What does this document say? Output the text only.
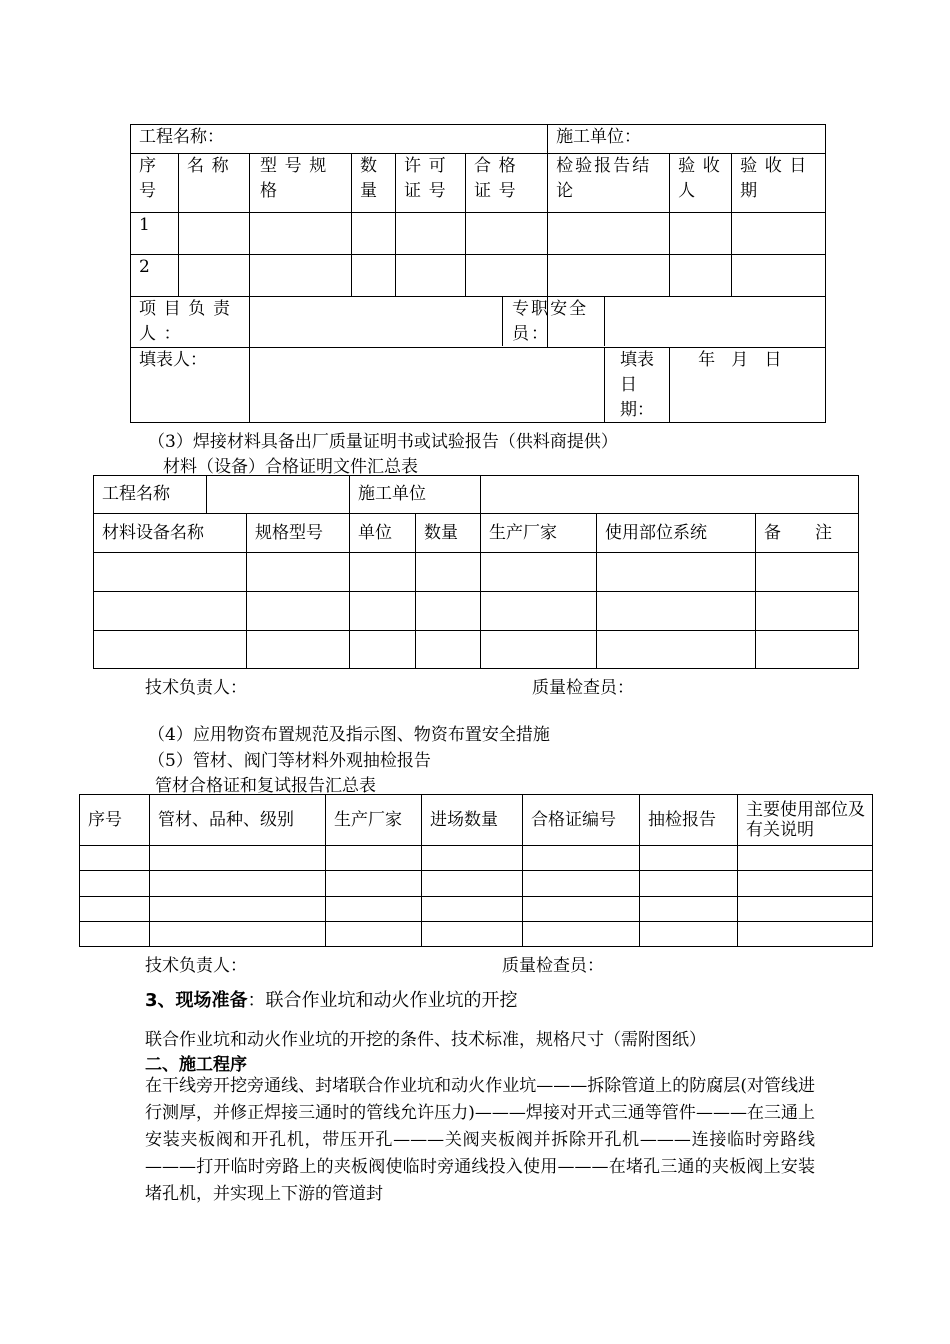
工程名称：						施工单位：		
序号	名称	型号规格	数量	许可证号	合格证号	检验报告结论	验收人	验收日期
1								
2								
项目负责人：		专职安全员：						

填表人：		填表日期：					年   月   日	
（3）焊接材料具备出厂质量证明书或试验报告（供料商提供）
材料（设备）合格证明文件汇总表
工程名称			施工单位				
材料设备名称		规格型号	单位	数量	生产厂家	使用部位系统	备　　注

技术负责人：	质量检查员：
（4）应用物资布置规范及指示图、物资布置安全措施
（5）管材、阀门等材料外观抽检报告
管材合格证和复试报告汇总表
序号	管材、品种、级别	生产厂家	进场数量	合格证编号	抽检报告	主要使用部位及有关说明

技术负责人：	质量检查员：
3、现场准备：联合作业坑和动火作业坑的开挖
联合作业坑和动火作业坑的开挖的条件、技术标准，规格尺寸（需附图纸）
二、施工程序
在干线旁开挖旁通线、封堵联合作业坑和动火作业坑———拆除管道上的防腐层(对管线进行测厚，并修正焊接三通时的管线允许压力)———焊接对开式三通等管件———在三通上安装夹板阀和开孔机，带压开孔———关阀夹板阀并拆除开孔机———连接临时旁路线———打开临时旁路上的夹板阀使临时旁通线投入使用———在堵孔三通的夹板阀上安装堵孔机，并实现上下游的管道封
